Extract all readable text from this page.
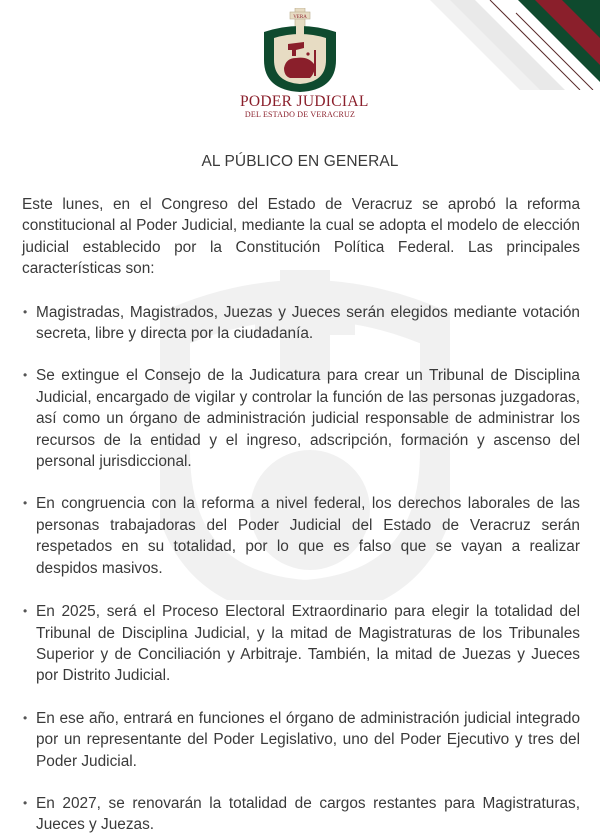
VERA
PODER JUDICIAL
DEL ESTADO DE VERACRUZ
AL PÚBLICO EN GENERAL

Este lunes, en el Congreso del Estado de Veracruz se aprobó la reforma constitucional al Poder Judicial, mediante la cual se adopta el modelo de elección judicial establecido por la Constitución Política Federal. Las principales características son:

• Magistradas, Magistrados, Juezas y Jueces serán elegidos mediante votación secreta, libre y directa por la ciudadanía.
• Se extingue el Consejo de la Judicatura para crear un Tribunal de Disciplina Judicial, encargado de vigilar y controlar la función de las personas juzgadoras, así como un órgano de administración judicial responsable de administrar los recursos de la entidad y el ingreso, adscripción, formación y ascenso del personal jurisdiccional.
• En congruencia con la reforma a nivel federal, los derechos laborales de las personas trabajadoras del Poder Judicial del Estado de Veracruz serán respetados en su totalidad, por lo que es falso que se vayan a realizar despidos masivos.
• En 2025, será el Proceso Electoral Extraordinario para elegir la totalidad del Tribunal de Disciplina Judicial, y la mitad de Magistraturas de los Tribunales Superior y de Conciliación y Arbitraje. También, la mitad de Juezas y Jueces por Distrito Judicial.
• En ese año, entrará en funciones el órgano de administración judicial integrado por un representante del Poder Legislativo, uno del Poder Ejecutivo y tres del Poder Judicial.
• En 2027, se renovarán la totalidad de cargos restantes para Magistraturas, Jueces y Juezas.
